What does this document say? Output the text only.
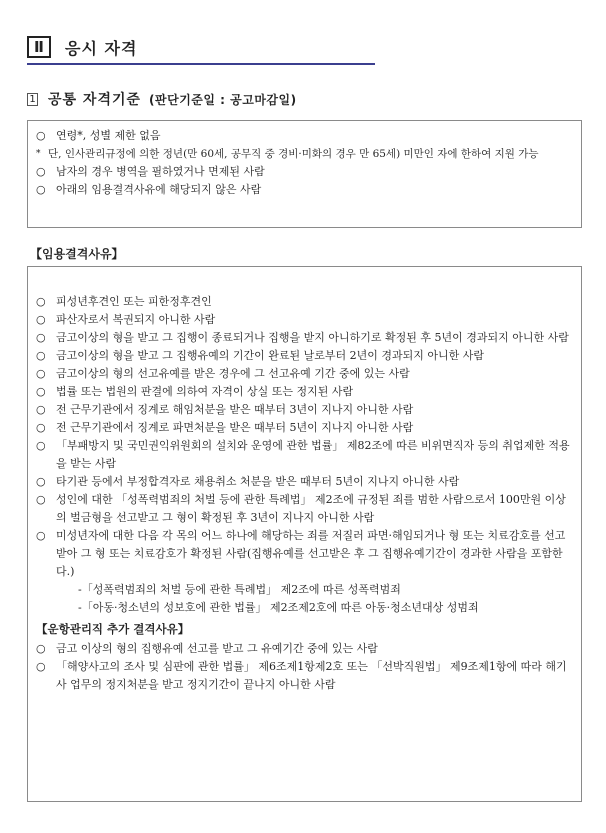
Ⅱ	응시 자격
1 공통 자격기준 (판단기준일 : 공고마감일)
○ 연령*, 성별 제한 없음
* 단, 인사관리규정에 의한 정년(만 60세, 공무직 중 경비·미화의 경우 만 65세) 미만인 자에 한하여 지원 가능
○ 남자의 경우 병역을 필하였거나 면제된 사람
○ 아래의 임용결격사유에 해당되지 않은 사람
【임용결격사유】
○ 피성년후견인 또는 피한정후견인
○ 파산자로서 복권되지 아니한 사람
○ 금고이상의 형을 받고 그 집행이 종료되거나 집행을 받지 아니하기로 확정된 후 5년이 경과되지 아니한 사람
○ 금고이상의 형을 받고 그 집행유예의 기간이 완료된 날로부터 2년이 경과되지 아니한 사람
○ 금고이상의 형의 선고유예를 받은 경우에 그 선고유예 기간 중에 있는 사람
○ 법률 또는 법원의 판결에 의하여 자격이 상실 또는 정지된 사람
○ 전 근무기관에서 징계로 해임처분을 받은 때부터 3년이 지나지 아니한 사람
○ 전 근무기관에서 징계로 파면처분을 받은 때부터 5년이 지나지 아니한 사람
○ 「부패방지 및 국민권익위원회의 설치와 운영에 관한 법률」 제82조에 따른 비위면직자 등의 취업제한 적용을 받는 사람
○ 타기관 등에서 부정합격자로 채용취소 처분을 받은 때부터 5년이 지나지 아니한 사람
○ 성인에 대한 「성폭력범죄의 처벌 등에 관한 특례법」 제2조에 규정된 죄를 범한 사람으로서 100만원 이상의 벌금형을 선고받고 그 형이 확정된 후 3년이 지나지 아니한 사람
○ 미성년자에 대한 다음 각 목의 어느 하나에 해당하는 죄를 저질러 파면·해임되거나 형 또는 치료감호를 선고받아 그 형 또는 치료감호가 확정된 사람(집행유예를 선고받은 후 그 집행유예기간이 경과한 사람을 포함한다.)
-「성폭력범죄의 처벌 등에 관한 특례법」 제2조에 따른 성폭력범죄
-「아동·청소년의 성보호에 관한 법률」 제2조제2호에 따른 아동·청소년대상 성범죄
【운항관리직 추가 결격사유】
○ 금고 이상의 형의 집행유예 선고를 받고 그 유예기간 중에 있는 사람
○ 「해양사고의 조사 및 심판에 관한 법률」 제6조제1항제2호 또는 「선박직원법」 제9조제1항에 따라 해기사 업무의 정지처분을 받고 정지기간이 끝나지 아니한 사람
